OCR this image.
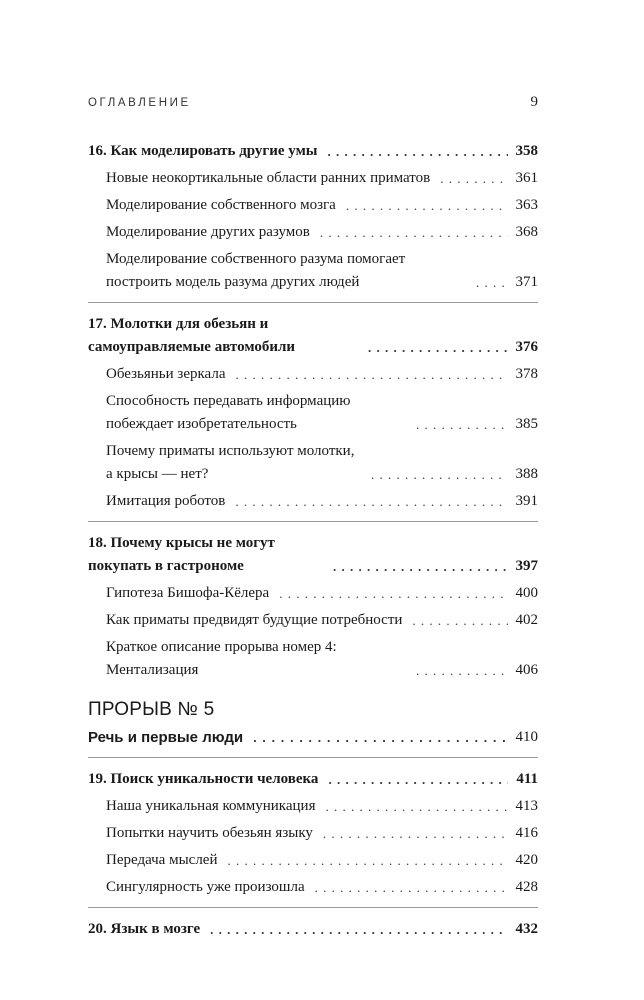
ОГЛАВЛЕНИЕ	9
16. Как моделировать другие умы . . .	358
Новые неокортикальные области ранних приматов . . .	361
Моделирование собственного мозга . . .	363
Моделирование других разумов . . .	368
Моделирование собственного разума помогает построить модель разума других людей . . .	371
17. Молотки для обезьян и самоуправляемые автомобили . . .	376
Обезьяньи зеркала . . .	378
Способность передавать информацию побеждает изобретательность . . .	385
Почему приматы используют молотки, а крысы — нет? . . .	388
Имитация роботов . . .	391
18. Почему крысы не могут покупать в гастрономе . . .	397
Гипотеза Бишофа-Кёлера . . .	400
Как приматы предвидят будущие потребности . . .	402
Краткое описание прорыва номер 4: Ментализация . . .	406
ПРОРЫВ № 5
Речь и первые люди . . .	410
19. Поиск уникальности человека . . .	411
Наша уникальная коммуникация . . .	413
Попытки научить обезьян языку . . .	416
Передача мыслей . . .	420
Сингулярность уже произошла . . .	428
20. Язык в мозге . . .	432
